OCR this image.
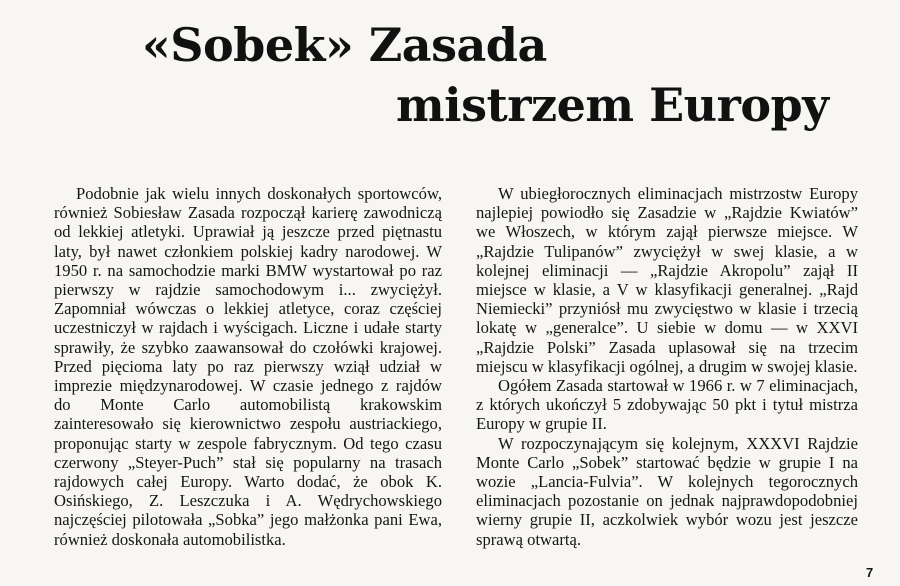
«Sobek» Zasada
mistrzem Europy

Podobnie jak wielu innych doskonałych sportowców, również Sobiesław Zasada rozpoczął karierę zawodniczą od lekkiej atletyki. Uprawiał ją jeszcze przed piętnastu laty, był nawet członkiem polskiej kadry narodowej. W 1950 r. na samochodzie marki BMW wystartował po raz pierwszy w rajdzie samochodowym i... zwyciężył. Zapomniał wówczas o lekkiej atletyce, coraz częściej uczestniczył w rajdach i wyścigach. Liczne i udałe starty sprawiły, że szybko zaawansował do czołówki krajowej. Przed pięcioma laty po raz pierwszy wziął udział w imprezie międzynarodowej. W czasie jednego z rajdów do Monte Carlo automobilistą krakowskim zainteresowało się kierownictwo zespołu austriackiego, proponując starty w zespole fabrycznym. Od tego czasu czerwony „Steyer-Puch” stał się popularny na trasach rajdowych całej Europy. Warto dodać, że obok K. Osińskiego, Z. Leszczuka i A. Wędrychowskiego najczęściej pilotowała „Sobka” jego małżonka pani Ewa, również doskonała automobilistka.

W ubiegłorocznych eliminacjach mistrzostw Europy najlepiej powiodło się Zasadzie w „Rajdzie Kwiatów” we Włoszech, w którym zajął pierwsze miejsce. W „Rajdzie Tulipanów” zwyciężył w swej klasie, a w kolejnej eliminacji — „Rajdzie Akropolu” zajął II miejsce w klasie, a V w klasyfikacji generalnej. „Rajd Niemiecki” przyniósł mu zwycięstwo w klasie i trzecią lokatę w „generalce”. U siebie w domu — w XXVI „Rajdzie Polski” Zasada uplasował się na trzecim miejscu w klasyfikacji ogólnej, a drugim w swojej klasie.

Ogółem Zasada startował w 1966 r. w 7 eliminacjach, z których ukończył 5 zdobywając 50 pkt i tytuł mistrza Europy w grupie II.

W rozpoczynającym się kolejnym, XXXVI Rajdzie Monte Carlo „Sobek” startować będzie w grupie I na wozie „Lancia-Fulvia”. W kolejnych tegorocznych eliminacjach pozostanie on jednak najprawdopodobniej wierny grupie II, aczkolwiek wybór wozu jest jeszcze sprawą otwartą.

7
